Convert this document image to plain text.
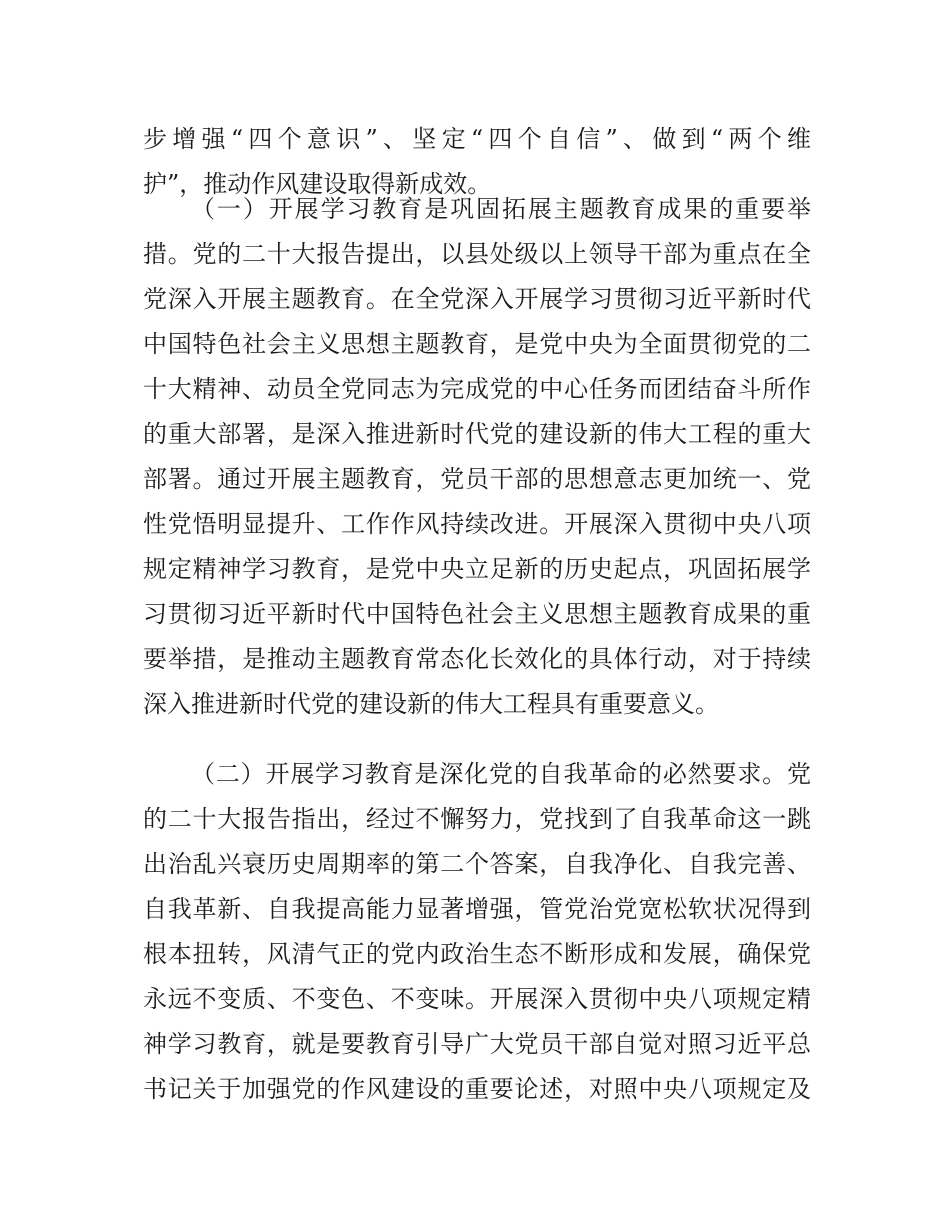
步增强“四个意识”、坚定“四个自信”、做到“两个维
护”，推动作风建设取得新成效。
（一）开展学习教育是巩固拓展主题教育成果的重要举
措。党的二十大报告提出，以县处级以上领导干部为重点在全
党深入开展主题教育。在全党深入开展学习贯彻习近平新时代
中国特色社会主义思想主题教育，是党中央为全面贯彻党的二
十大精神、动员全党同志为完成党的中心任务而团结奋斗所作
的重大部署，是深入推进新时代党的建设新的伟大工程的重大
部署。通过开展主题教育，党员干部的思想意志更加统一、党
性党悟明显提升、工作作风持续改进。开展深入贯彻中央八项
规定精神学习教育，是党中央立足新的历史起点，巩固拓展学
习贯彻习近平新时代中国特色社会主义思想主题教育成果的重
要举措，是推动主题教育常态化长效化的具体行动，对于持续
深入推进新时代党的建设新的伟大工程具有重要意义。
（二）开展学习教育是深化党的自我革命的必然要求。党
的二十大报告指出，经过不懈努力，党找到了自我革命这一跳
出治乱兴衰历史周期率的第二个答案，自我净化、自我完善、
自我革新、自我提高能力显著增强，管党治党宽松软状况得到
根本扭转，风清气正的党内政治生态不断形成和发展，确保党
永远不变质、不变色、不变味。开展深入贯彻中央八项规定精
神学习教育，就是要教育引导广大党员干部自觉对照习近平总
书记关于加强党的作风建设的重要论述，对照中央八项规定及
